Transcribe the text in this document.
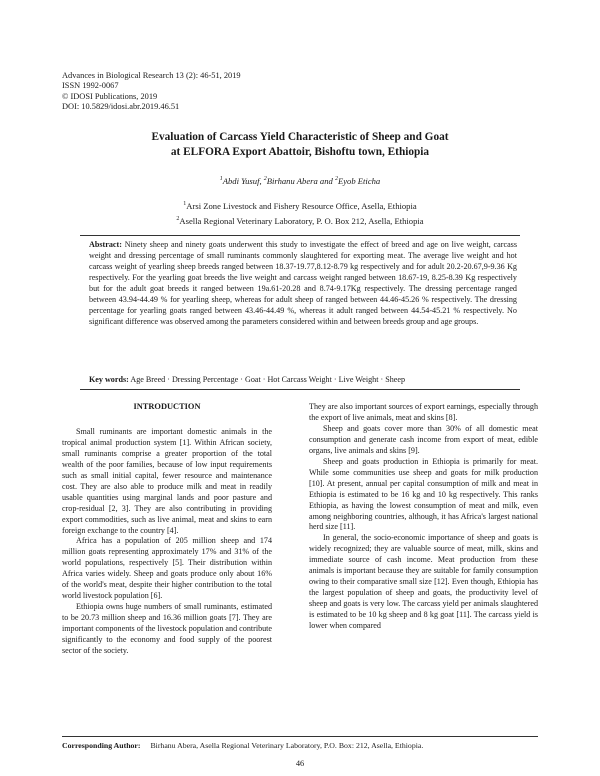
Advances in Biological Research 13 (2): 46-51, 2019
ISSN 1992-0067
© IDOSI Publications, 2019
DOI: 10.5829/idosi.abr.2019.46.51
Evaluation of Carcass Yield Characteristic of Sheep and Goat
at ELFORA Export Abattoir, Bishoftu town, Ethiopia
$^1$Abdi Yusuf, $^2$Birhanu Abera and $^2$Eyob Eticha
$^1$Arsi Zone Livestock and Fishery Resource Office, Asella, Ethiopia
$^2$Asella Regional Veterinary Laboratory, P. O. Box 212, Asella, Ethiopia
Abstract: Ninety sheep and ninety goats underwent this study to investigate the effect of breed and age on live weight, carcass weight and dressing percentage of small ruminants commonly slaughtered for exporting meat. The average live weight and hot carcass weight of yearling sheep breeds ranged between 18.37-19.77,8.12-8.79 kg respectively and for adult 20.2-20.67,9-9.36 Kg respectively. For the yearling goat breeds the live weight and carcass weight ranged between 18.67-19, 8.25-8.39 Kg respectively but for the adult goat breeds it ranged between 19a.61-20.28 and 8.74-9.17Kg respectively. The dressing percentage ranged between 43.94-44.49 % for yearling sheep, whereas for adult sheep of ranged between 44.46-45.26 % respectively. The dressing percentage for yearling goats ranged between 43.46-44.49 %, whereas it adult ranged between 44.54-45.21 % respectively. No significant difference was observed among the parameters considered within and between breeds group and age groups.
Key words: Age Breed · Dressing Percentage · Goat · Hot Carcass Weight · Live Weight · Sheep
INTRODUCTION

Small ruminants are important domestic animals in the tropical animal production system [1]. Within African society, small ruminants comprise a greater proportion of the total wealth of the poor families, because of low input requirements such as small initial capital, fewer resource and maintenance cost. They are also able to produce milk and meat in readily usable quantities using marginal lands and poor pasture and crop-residual [2, 3]. They are also contributing in providing export commodities, such as live animal, meat and skins to earn foreign exchange to the country [4].

Africa has a population of 205 million sheep and 174 million goats representing approximately 17% and 31% of the world populations, respectively [5]. Their distribution within Africa varies widely. Sheep and goats produce only about 16% of the world's meat, despite their higher contribution to the total world livestock population [6].

Ethiopia owns huge numbers of small ruminants, estimated to be 20.73 million sheep and 16.36 million goats [7]. They are important components of the livestock population and contribute significantly to the economy and food supply of the poorest sector of the society.

They are also important sources of export earnings, especially through the export of live animals, meat and skins [8].

Sheep and goats cover more than 30% of all domestic meat consumption and generate cash income from export of meat, edible organs, live animals and skins [9].

Sheep and goats production in Ethiopia is primarily for meat. While some communities use sheep and goats for milk production [10]. At present, annual per capital consumption of milk and meat in Ethiopia is estimated to be 16 kg and 10 kg respectively. This ranks Ethiopia, as having the lowest consumption of meat and milk, even among neighboring countries, although, it has Africa's largest national herd size [11].

In general, the socio-economic importance of sheep and goats is widely recognized; they are valuable source of meat, milk, skins and immediate source of cash income. Meat production from these animals is important because they are suitable for family consumption owing to their comparative small size [12]. Even though, Ethiopia has the largest population of sheep and goats, the productivity level of sheep and goats is very low. The carcass yield per animals slaughtered is estimated to be 10 kg sheep and 8 kg goat [11]. The carcass yield is lower when compared

Corresponding Author: Birhanu Abera, Asella Regional Veterinary Laboratory, P.O. Box: 212, Asella, Ethiopia.
46
